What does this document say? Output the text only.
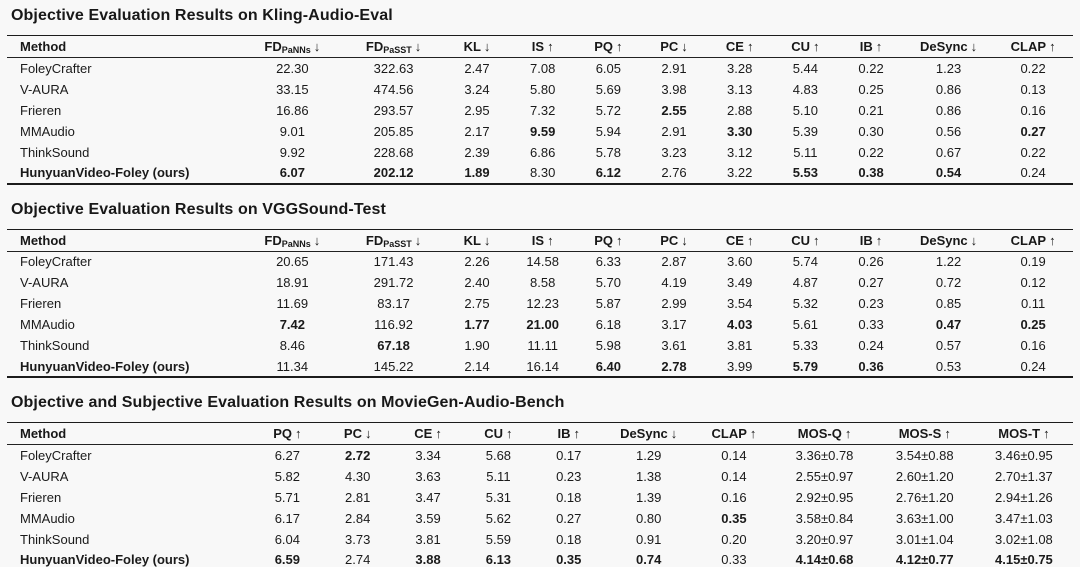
Objective Evaluation Results on Kling-Audio-Eval
Method	$FD_{PaNNs}$ ↓	$FD_{PaSST}$ ↓	KL ↓	IS ↑	PQ ↑	PC ↓	CE ↑	CU ↑	IB ↑	DeSync ↓	CLAP ↑
FoleyCrafter	22.30	322.63	2.47	7.08	6.05	2.91	3.28	5.44	0.22	1.23	0.22
V-AURA	33.15	474.56	3.24	5.80	5.69	3.98	3.13	4.83	0.25	0.86	0.13
Frieren	16.86	293.57	2.95	7.32	5.72	2.55	2.88	5.10	0.21	0.86	0.16
MMAudio	9.01	205.85	2.17	9.59	5.94	2.91	3.30	5.39	0.30	0.56	0.27
ThinkSound	9.92	228.68	2.39	6.86	5.78	3.23	3.12	5.11	0.22	0.67	0.22
HunyuanVideo-Foley (ours)	6.07	202.12	1.89	8.30	6.12	2.76	3.22	5.53	0.38	0.54	0.24
Objective Evaluation Results on VGGSound-Test
Method	$FD_{PaNNs}$ ↓	$FD_{PaSST}$ ↓	KL ↓	IS ↑	PQ ↑	PC ↓	CE ↑	CU ↑	IB ↑	DeSync ↓	CLAP ↑
FoleyCrafter	20.65	171.43	2.26	14.58	6.33	2.87	3.60	5.74	0.26	1.22	0.19
V-AURA	18.91	291.72	2.40	8.58	5.70	4.19	3.49	4.87	0.27	0.72	0.12
Frieren	11.69	83.17	2.75	12.23	5.87	2.99	3.54	5.32	0.23	0.85	0.11
MMAudio	7.42	116.92	1.77	21.00	6.18	3.17	4.03	5.61	0.33	0.47	0.25
ThinkSound	8.46	67.18	1.90	11.11	5.98	3.61	3.81	5.33	0.24	0.57	0.16
HunyuanVideo-Foley (ours)	11.34	145.22	2.14	16.14	6.40	2.78	3.99	5.79	0.36	0.53	0.24
Objective and Subjective Evaluation Results on MovieGen-Audio-Bench
Method	PQ ↑	PC ↓	CE ↑	CU ↑	IB ↑	DeSync ↓	CLAP ↑	MOS-Q ↑	MOS-S ↑	MOS-T ↑
FoleyCrafter	6.27	2.72	3.34	5.68	0.17	1.29	0.14	3.36±0.78	3.54±0.88	3.46±0.95
V-AURA	5.82	4.30	3.63	5.11	0.23	1.38	0.14	2.55±0.97	2.60±1.20	2.70±1.37
Frieren	5.71	2.81	3.47	5.31	0.18	1.39	0.16	2.92±0.95	2.76±1.20	2.94±1.26
MMAudio	6.17	2.84	3.59	5.62	0.27	0.80	0.35	3.58±0.84	3.63±1.00	3.47±1.03
ThinkSound	6.04	3.73	3.81	5.59	0.18	0.91	0.20	3.20±0.97	3.01±1.04	3.02±1.08
HunyuanVideo-Foley (ours)	6.59	2.74	3.88	6.13	0.35	0.74	0.33	4.14±0.68	4.12±0.77	4.15±0.75
